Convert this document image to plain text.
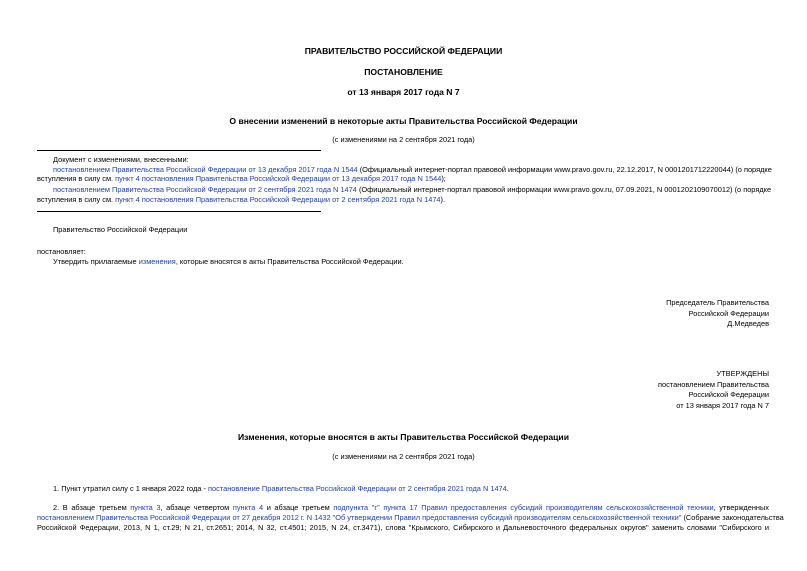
ПРАВИТЕЛЬСТВО РОССИЙСКОЙ ФЕДЕРАЦИИ
ПОСТАНОВЛЕНИЕ
от 13 января 2017 года N 7
О внесении изменений в некоторые акты Правительства Российской Федерации
(с изменениями на 2 сентября 2021 года)
Документ с изменениями, внесенными:
постановлением Правительства Российской Федерации от 13 декабря 2017 года N 1544 (Официальный интернет-портал правовой информации www.pravo.gov.ru, 22.12.2017, N 0001201712220044) (о порядке
вступления в силу см. пункт 4 постановления Правительства Российской Федерации от 13 декабря 2017 года N 1544);
постановлением Правительства Российской Федерации от 2 сентября 2021 года N 1474 (Официальный интернет-портал правовой информации www.pravo.gov.ru, 07.09.2021, N 0001202109070012) (о порядке
вступления в силу см. пункт 4 постановления Правительства Российской Федерации от 2 сентября 2021 года N 1474).
Правительство Российской Федерации
постановляет:
Утвердить прилагаемые изменения, которые вносятся в акты Правительства Российской Федерации.
Председатель Правительства
Российской Федерации
Д.Медведев
УТВЕРЖДЕНЫ
постановлением Правительства
Российской Федерации
от 13 января 2017 года N 7
Изменения, которые вносятся в акты Правительства Российской Федерации
(с изменениями на 2 сентября 2021 года)
1. Пункт утратил силу с 1 января 2022 года - постановление Правительства Российской Федерации от 2 сентября 2021 года N 1474.
2. В абзаце третьем пункта 3, абзаце четвертом пункта 4 и абзаце третьем подпункта "г" пункта 17 Правил предоставления субсидий производителям сельскохозяйственной техники, утвержденных
постановлением Правительства Российской Федерации от 27 декабря 2012 г. N 1432 "Об утверждении Правил предоставления субсидий производителям сельскохозяйственной техники" (Собрание законодательства
Российской Федерации, 2013, N 1, ст.29; N 21, ст.2651; 2014, N 32, ст.4501; 2015, N 24, ст.3471), слова "Крымского, Сибирского и Дальневосточного федеральных округов" заменить словами "Сибирского и
